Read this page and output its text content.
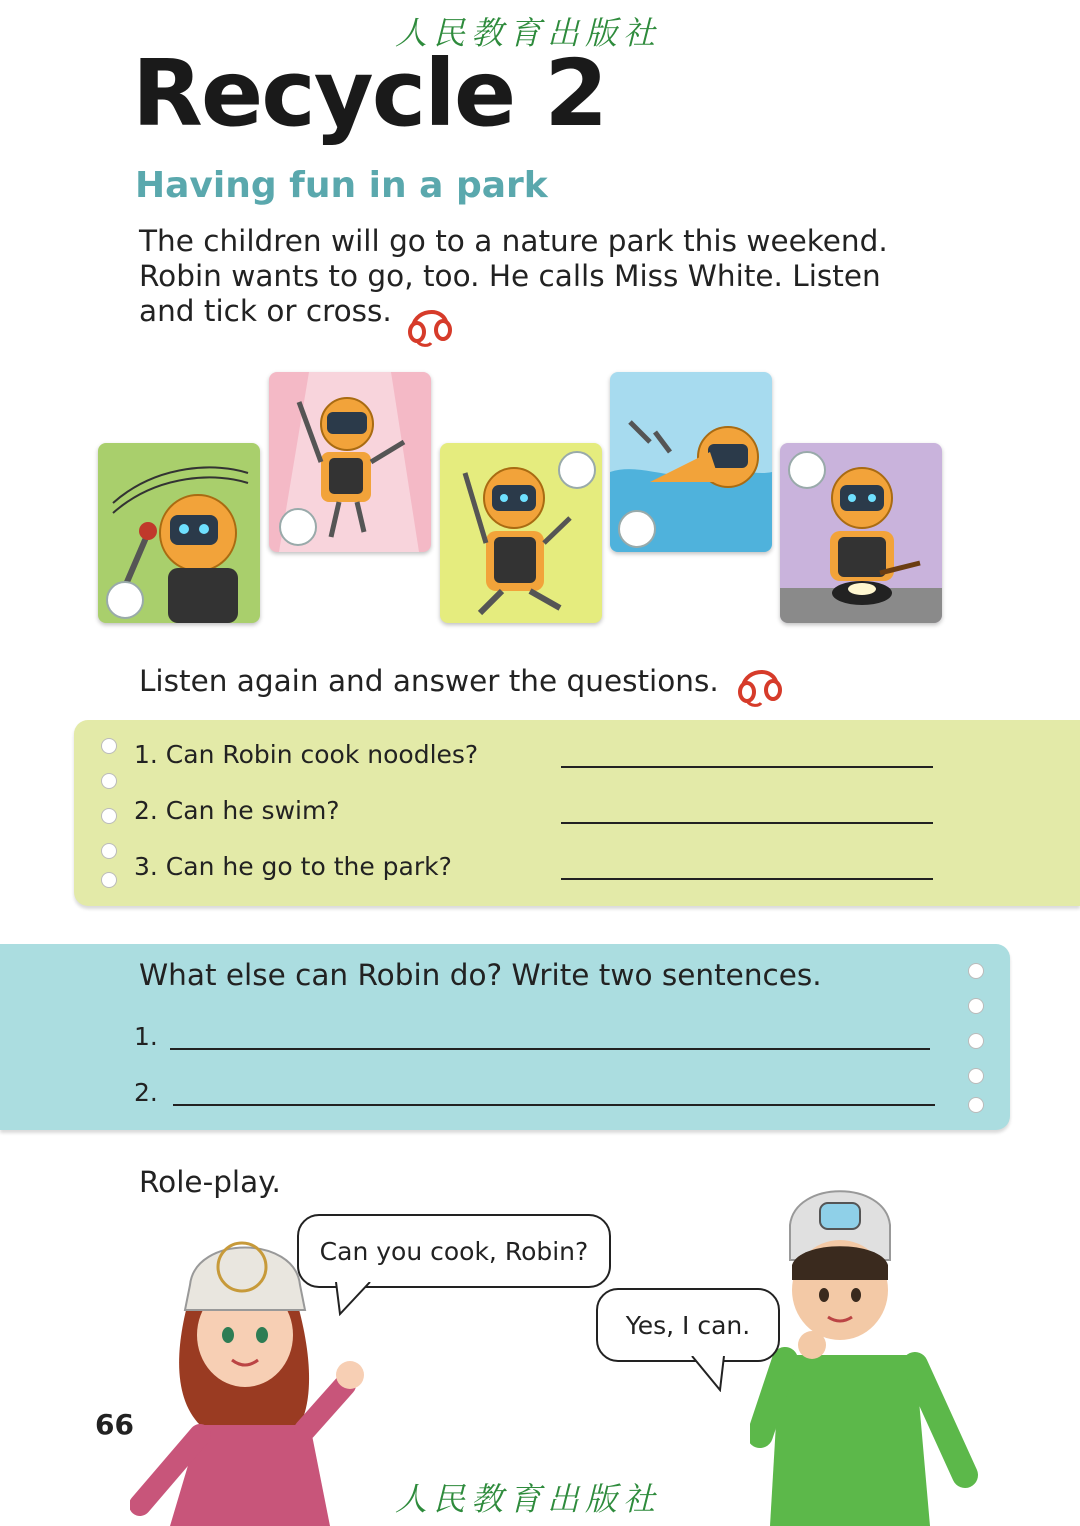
人民教育出版社
Recycle 2
Having fun in a park

The children will go to a nature park this weekend. Robin wants to go, too. He calls Miss White. Listen and tick or cross.

Listen again and answer the questions.

1. Can Robin cook noodles?
2. Can he swim?
3. Can he go to the park?

What else can Robin do? Write two sentences.

1.
2.

Role-play.

Can you cook, Robin?
Yes, I can.
66
人民教育出版社
